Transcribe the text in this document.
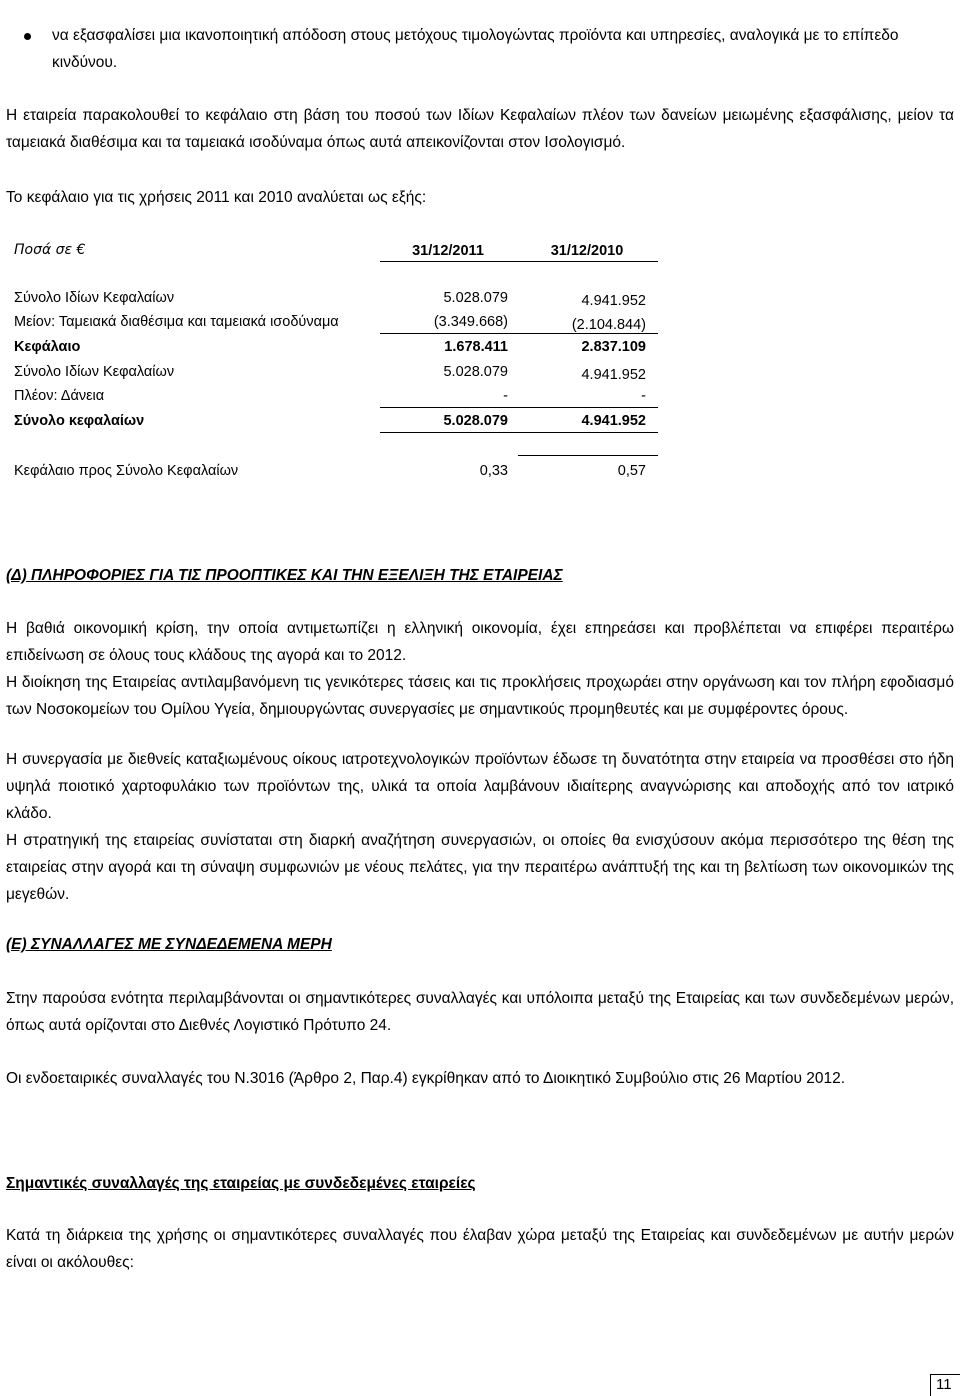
να εξασφαλίσει μια ικανοποιητική απόδοση στους μετόχους τιμολογώντας προϊόντα και υπηρεσίες, αναλογικά με το επίπεδο κινδύνου.
Η εταιρεία παρακολουθεί το κεφάλαιο στη βάση του ποσού των Ιδίων Κεφαλαίων πλέον των δανείων μειωμένης εξασφάλισης, μείον τα ταμειακά διαθέσιμα και τα ταμειακά ισοδύναμα όπως αυτά απεικονίζονται στον Ισολογισμό.
Το κεφάλαιο για τις χρήσεις 2011 και 2010 αναλύεται ως εξής:
Ποσά σε €	31/12/2011	31/12/2010
Σύνολο Ιδίων Κεφαλαίων	5.028.079	4.941.952
Μείον: Ταμειακά διαθέσιμα και ταμειακά ισοδύναμα	(3.349.668)	(2.104.844)
Κεφάλαιο	1.678.411	2.837.109
Σύνολο Ιδίων Κεφαλαίων	5.028.079	4.941.952
Πλέον: Δάνεια	-	-
Σύνολο κεφαλαίων	5.028.079	4.941.952
Κεφάλαιο προς Σύνολο Κεφαλαίων	0,33	0,57
(Δ) ΠΛΗΡΟΦΟΡΙΕΣ ΓΙΑ ΤΙΣ ΠΡΟΟΠΤΙΚΕΣ ΚΑΙ ΤΗΝ ΕΞΕΛΙΞΗ ΤΗΣ ΕΤΑΙΡΕΙΑΣ
Η βαθιά οικονομική κρίση, την οποία αντιμετωπίζει η ελληνική οικονομία, έχει επηρεάσει και προβλέπεται να επιφέρει περαιτέρω επιδείνωση σε όλους τους κλάδους της αγορά και το 2012.
Η διοίκηση της Εταιρείας αντιλαμβανόμενη τις γενικότερες τάσεις και τις προκλήσεις προχωράει στην οργάνωση και τον πλήρη εφοδιασμό των Νοσοκομείων του Ομίλου Υγεία, δημιουργώντας συνεργασίες με σημαντικούς προμηθευτές και με συμφέροντες όρους.
Η συνεργασία με διεθνείς καταξιωμένους οίκους ιατροτεχνολογικών προϊόντων έδωσε τη δυνατότητα στην εταιρεία να προσθέσει στο ήδη υψηλά ποιοτικό χαρτοφυλάκιο των προϊόντων της, υλικά τα οποία λαμβάνουν ιδιαίτερης αναγνώρισης και αποδοχής από τον ιατρικό κλάδο.
Η στρατηγική της εταιρείας συνίσταται στη διαρκή αναζήτηση συνεργασιών, οι οποίες θα ενισχύσουν ακόμα περισσότερο της θέση της εταιρείας στην αγορά και τη σύναψη συμφωνιών με νέους πελάτες, για την περαιτέρω ανάπτυξή της και τη βελτίωση των οικονομικών της μεγεθών.
(Ε) ΣΥΝΑΛΛΑΓΕΣ ΜΕ ΣΥΝΔΕΔΕΜΕΝΑ ΜΕΡΗ
Στην παρούσα ενότητα περιλαμβάνονται οι σημαντικότερες συναλλαγές και υπόλοιπα μεταξύ της Εταιρείας και των συνδεδεμένων μερών, όπως αυτά ορίζονται στο Διεθνές Λογιστικό Πρότυπο 24.
Οι ενδοεταιρικές συναλλαγές του Ν.3016 (Άρθρο 2, Παρ.4) εγκρίθηκαν από το Διοικητικό Συμβούλιο στις 26 Μαρτίου 2012.
Σημαντικές συναλλαγές της εταιρείας με συνδεδεμένες εταιρείες
Κατά τη διάρκεια της χρήσης οι σημαντικότερες συναλλαγές που έλαβαν χώρα μεταξύ της Εταιρείας και συνδεδεμένων με αυτήν μερών είναι οι ακόλουθες:
11
